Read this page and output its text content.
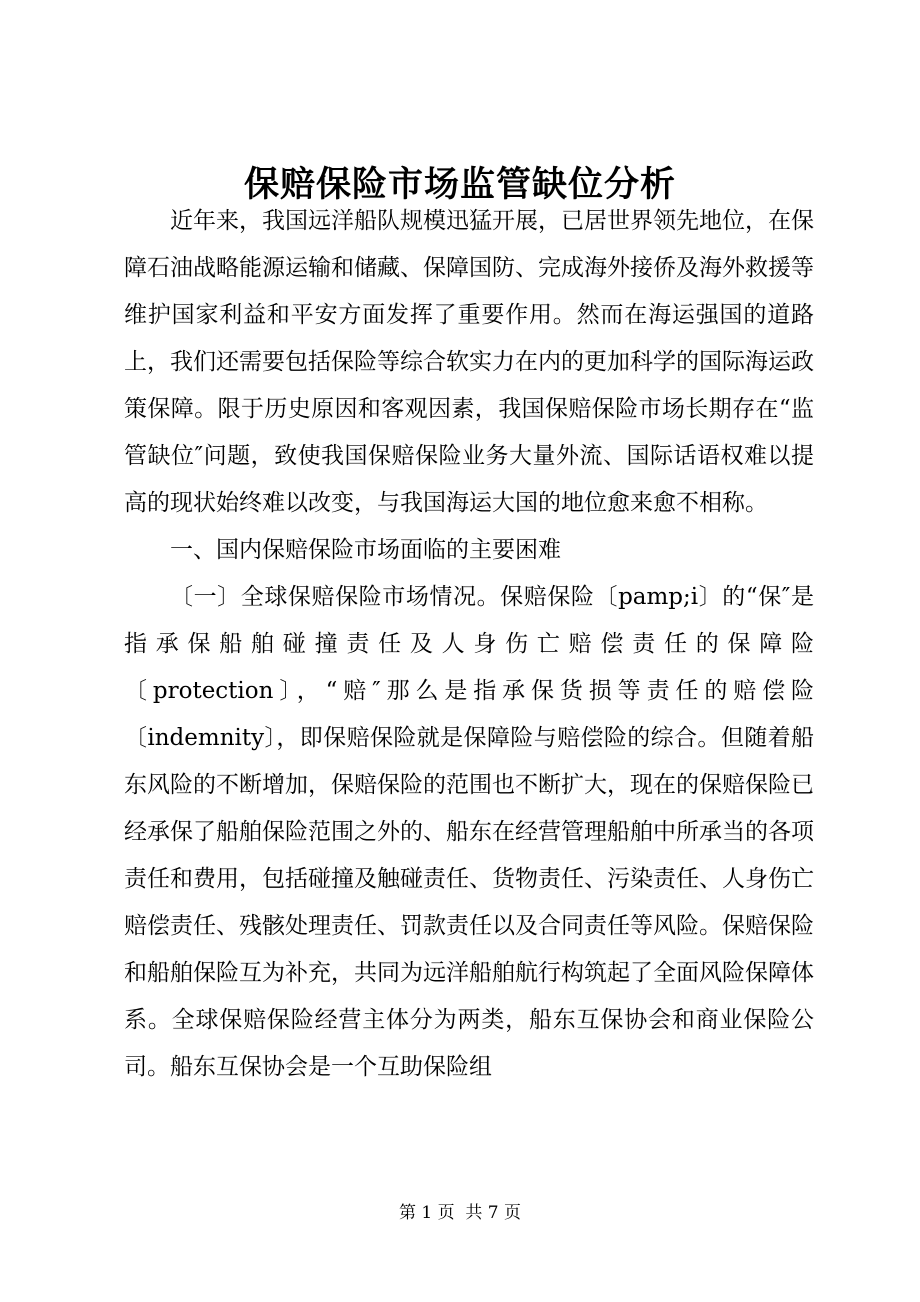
保赔保险市场监管缺位分析

近年来，我国远洋船队规模迅猛开展，已居世界领先地位，在保障石油战略能源运输和储藏、保障国防、完成海外接侨及海外救援等维护国家利益和平安方面发挥了重要作用。然而在海运强国的道路上，我们还需要包括保险等综合软实力在内的更加科学的国际海运政策保障。限于历史原因和客观因素，我国保赔保险市场长期存在“监管缺位″问题，致使我国保赔保险业务大量外流、国际话语权难以提高的现状始终难以改变，与我国海运大国的地位愈来愈不相称。

一、国内保赔保险市场面临的主要困难

〔一〕全球保赔保险市场情况。保赔保险〔pamp;i〕的“保″是指承保船舶碰撞责任及人身伤亡赔偿责任的保障险〔protection〕，“赔″那么是指承保货损等责任的赔偿险〔indemnity〕，即保赔保险就是保障险与赔偿险的综合。但随着船东风险的不断增加，保赔保险的范围也不断扩大，现在的保赔保险已经承保了船舶保险范围之外的、船东在经营管理船舶中所承当的各项责任和费用，包括碰撞及触碰责任、货物责任、污染责任、人身伤亡赔偿责任、残骸处理责任、罚款责任以及合同责任等风险。保赔保险和船舶保险互为补充，共同为远洋船舶航行构筑起了全面风险保障体系。全球保赔保险经营主体分为两类，船东互保协会和商业保险公司。船东互保协会是一个互助保险组

第 1 页  共 7 页
